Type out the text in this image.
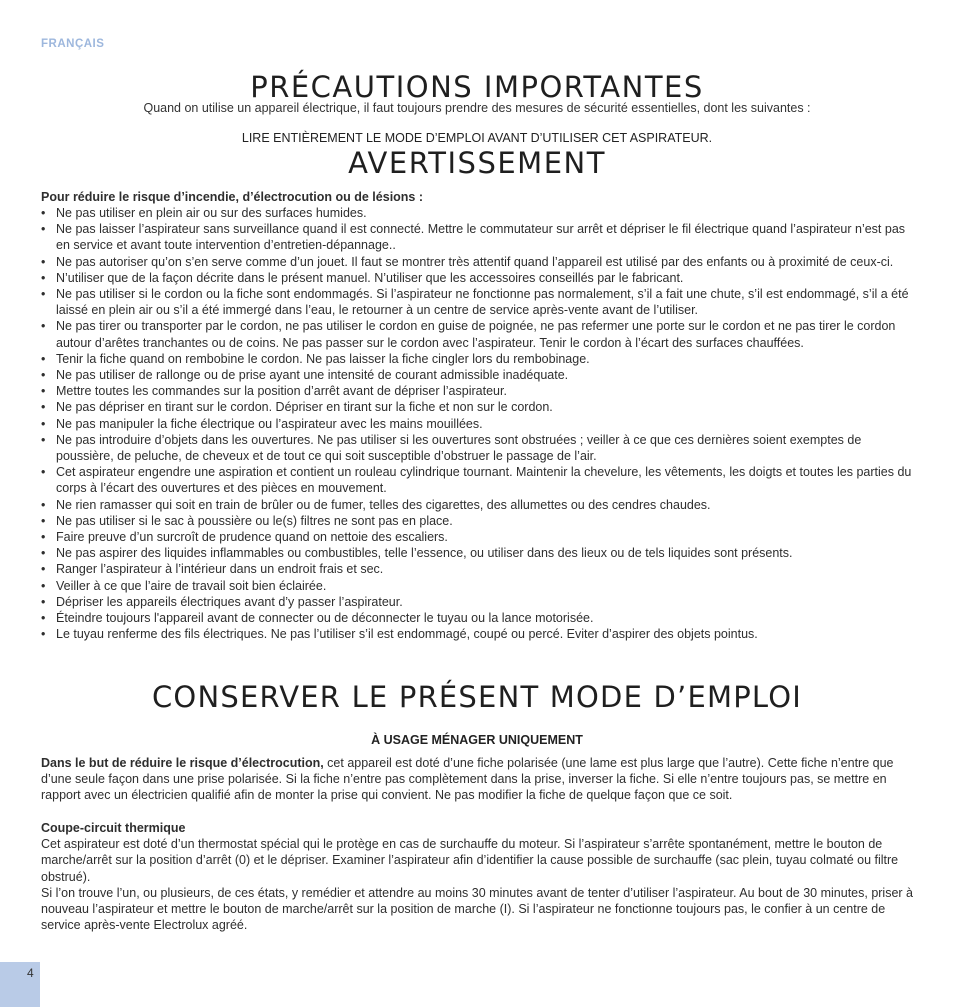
FRANÇAIS
PRÉCAUTIONS IMPORTANTES
Quand on utilise un appareil électrique, il faut toujours prendre des mesures de sécurité essentielles, dont les suivantes :
LIRE ENTIÈREMENT LE MODE D’EMPLOI AVANT D’UTILISER CET ASPIRATEUR.
AVERTISSEMENT
Pour réduire le risque d’incendie, d’électrocution ou de lésions :
• Ne pas utiliser en plein air ou sur des surfaces humides.
• Ne pas laisser l’aspirateur sans surveillance quand il est connecté. Mettre le commutateur sur arrêt et dépriser le fil électrique quand l’aspirateur n’est pas en service et avant toute intervention d’entretien-dépannage..
• Ne pas autoriser qu’on s’en serve comme d’un jouet. Il faut se montrer très attentif quand l’appareil est utilisé par des enfants ou à proximité de ceux-ci.
• N’utiliser que de la façon décrite dans le présent manuel. N’utiliser que les accessoires conseillés par le fabricant.
• Ne pas utiliser si le cordon ou la fiche sont endommagés. Si l’aspirateur ne fonctionne pas normalement, s’il a fait une chute, s’il est endommagé, s’il a été laissé en plein air ou s’il a été immergé dans l’eau, le retourner à un centre de service après-vente avant de l’utiliser.
• Ne pas tirer ou transporter par le cordon, ne pas utiliser le cordon en guise de poignée, ne pas refermer une porte sur le cordon et ne pas tirer le cordon autour d’arêtes tranchantes ou de coins. Ne pas passer sur le cordon avec l’aspirateur. Tenir le cordon à l’écart des surfaces chauffées.
• Tenir la fiche quand on rembobine le cordon. Ne pas laisser la fiche cingler lors du rembobinage.
• Ne pas utiliser de rallonge ou de prise ayant une intensité de courant admissible inadéquate.
• Mettre toutes les commandes sur la position d’arrêt avant de dépriser l’aspirateur.
• Ne pas dépriser en tirant sur le cordon. Dépriser en tirant sur la fiche et non sur le cordon.
• Ne pas manipuler la fiche électrique ou l’aspirateur avec les mains mouillées.
• Ne pas introduire d’objets dans les ouvertures. Ne pas utiliser si les ouvertures sont obstruées ; veiller à ce que ces dernières soient exemptes de poussière, de peluche, de cheveux et de tout ce qui soit susceptible d’obstruer le passage de l’air.
• Cet aspirateur engendre une aspiration et contient un rouleau cylindrique tournant. Maintenir la chevelure, les vêtements, les doigts et toutes les parties du corps à l’écart des ouvertures et des pièces en mouvement.
• Ne rien ramasser qui soit en train de brûler ou de fumer, telles des cigarettes, des allumettes ou des cendres chaudes.
• Ne pas utiliser si le sac à poussière ou le(s) filtres ne sont pas en place.
• Faire preuve d’un surcroît de prudence quand on nettoie des escaliers.
• Ne pas aspirer des liquides inflammables ou combustibles, telle l’essence, ou utiliser dans des lieux ou de tels liquides sont présents.
• Ranger l’aspirateur à l’intérieur dans un endroit frais et sec.
• Veiller à ce que l’aire de travail soit bien éclairée.
• Dépriser les appareils électriques avant d’y passer l’aspirateur.
• Éteindre toujours l'appareil avant de connecter ou de déconnecter le tuyau ou la lance motorisée.
• Le tuyau renferme des fils électriques. Ne pas l’utiliser s’il est endommagé, coupé ou percé. Eviter d’aspirer des objets pointus.
CONSERVER LE PRÉSENT MODE D’EMPLOI
À USAGE MÉNAGER UNIQUEMENT
Dans le but de réduire le risque d’électrocution, cet appareil est doté d’une fiche polarisée (une lame est plus large que l’autre). Cette fiche n’entre que d’une seule façon dans une prise polarisée. Si la fiche n’entre pas complètement dans la prise, inverser la fiche. Si elle n’entre toujours pas, se mettre en rapport avec un électricien qualifié afin de monter la prise qui convient. Ne pas modifier la fiche de quelque façon que ce soit.
Coupe-circuit thermique
Cet aspirateur est doté d’un thermostat spécial qui le protège en cas de surchauffe du moteur. Si l’aspirateur s’arrête spontanément, mettre le bouton de marche/arrêt sur la position d’arrêt (0) et le dépriser. Examiner l’aspirateur afin d’identifier la cause possible de surchauffe (sac plein, tuyau colmaté ou filtre obstrué).
Si l’on trouve l’un, ou plusieurs, de ces états, y remédier et attendre au moins 30 minutes avant de tenter d’utiliser l’aspirateur. Au bout de 30 minutes, priser à nouveau l’aspirateur et mettre le bouton de marche/arrêt sur la position de marche (I). Si l’aspirateur ne fonctionne toujours pas, le confier à un centre de service après-vente Electrolux agréé.
4
